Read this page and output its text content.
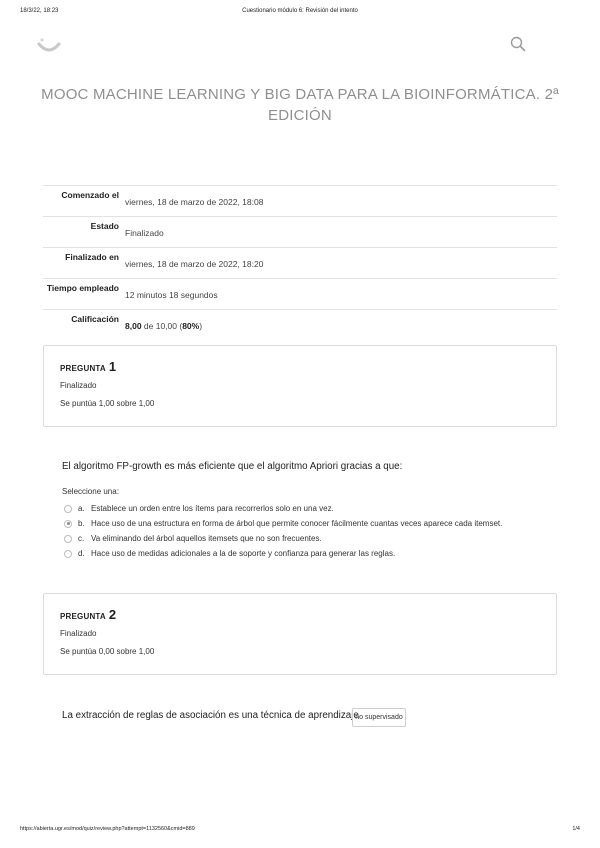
18/3/22, 18:23	Cuestionario módulo 6: Revisión del intento
MOOC MACHINE LEARNING Y BIG DATA PARA LA BIOINFORMÁTICA. 2ª EDICIÓN
Comenzado el	viernes, 18 de marzo de 2022, 18:08
Estado	Finalizado
Finalizado en	viernes, 18 de marzo de 2022, 18:20
Tiempo empleado	12 minutos 18 segundos
Calificación	8,00 de 10,00 (80%)
PREGUNTA 1
Finalizado
Se puntúa 1,00 sobre 1,00
El algoritmo FP-growth es más eficiente que el algoritmo Apriori gracias a que:
Seleccione una:
a. Establece un orden entre los ítems para recorrerlos solo en una vez.
b. Hace uso de una estructura en forma de árbol que permite conocer fácilmente cuantas veces aparece cada itemset.
c. Va eliminando del árbol aquellos itemsets que no son frecuentes.
d. Hace uso de medidas adicionales a la de soporte y confianza para generar las reglas.
PREGUNTA 2
Finalizado
Se puntúa 0,00 sobre 1,00
La extracción de reglas de asociación es una técnica de aprendizaje
no supervisado
https://abierta.ugr.es/mod/quiz/review.php?attempt=1132560&cmid=889	1/4
